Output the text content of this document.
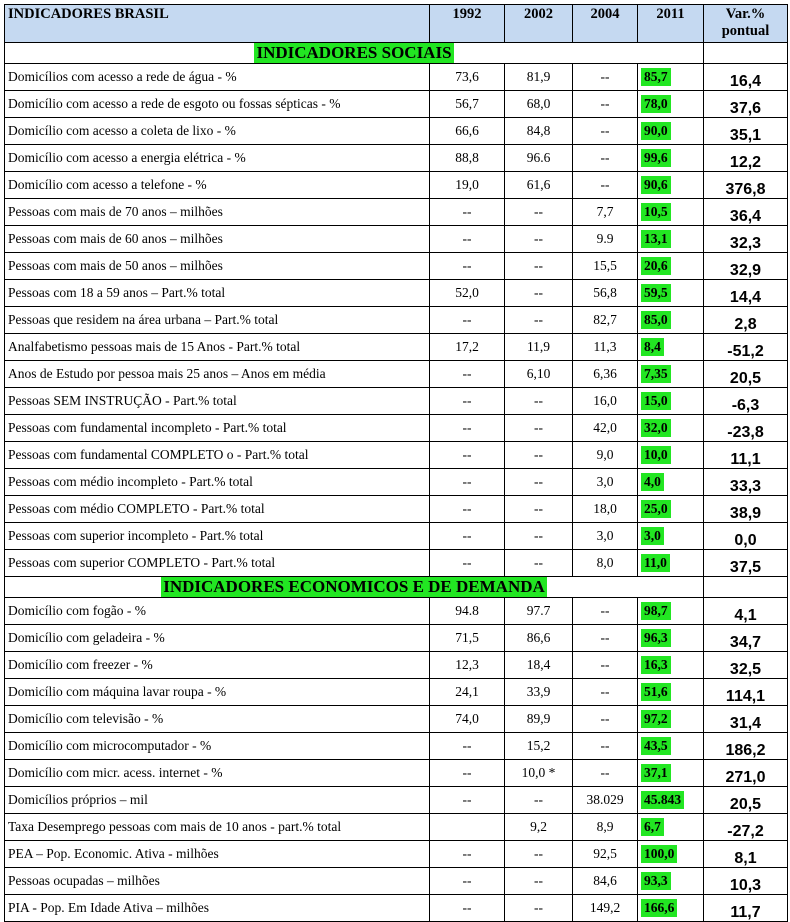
INDICADORES BRASIL	1992	2002	2004	2011	Var.%
pontual
INDICADORES SOCIAIS					
Domicílios com acesso a rede de água - %	73,6	81,9	--	85,7	16,4
Domicílio com acesso a rede de esgoto ou fossas sépticas - %	56,7	68,0	--	78,0	37,6
Domicílio com acesso a coleta de lixo - %	66,6	84,8	--	90,0	35,1
Domicílio com acesso a energia elétrica - %	88,8	96.6	--	99,6	12,2
Domicílio com acesso a telefone - %	19,0	61,6	--	90,6	376,8
Pessoas com mais de 70 anos – milhões	--	--	7,7	10,5	36,4
Pessoas com mais de 60 anos – milhões	--	--	9.9	13,1	32,3
Pessoas com mais de 50 anos – milhões	--	--	15,5	20,6	32,9
Pessoas com 18 a 59 anos – Part.% total	52,0	--	56,8	59,5	14,4
Pessoas que residem na área urbana – Part.% total	--	--	82,7	85,0	2,8
Analfabetismo pessoas mais de 15 Anos - Part.% total	17,2	11,9	11,3	8,4	-51,2
Anos de Estudo por pessoa mais 25 anos – Anos em média	--	6,10	6,36	7,35	20,5
Pessoas SEM INSTRUÇÃO - Part.% total	--	--	16,0	15,0	-6,3
Pessoas com fundamental incompleto - Part.% total	--	--	42,0	32,0	-23,8
Pessoas com fundamental COMPLETO o - Part.% total	--	--	9,0	10,0	11,1
Pessoas com médio incompleto - Part.% total	--	--	3,0	4,0	33,3
Pessoas com médio COMPLETO - Part.% total	--	--	18,0	25,0	38,9
Pessoas com superior incompleto - Part.% total	--	--	3,0	3,0	0,0
Pessoas com superior COMPLETO - Part.% total	--	--	8,0	11,0	37,5
INDICADORES ECONOMICOS E DE DEMANDA					
Domicílio com fogão - %	94.8	97.7	--	98,7	4,1
Domicílio com geladeira - %	71,5	86,6	--	96,3	34,7
Domicílio com freezer - %	12,3	18,4	--	16,3	32,5
Domicílio com máquina lavar roupa - %	24,1	33,9	--	51,6	114,1
Domicílio com televisão - %	74,0	89,9	--	97,2	31,4
Domicílio com microcomputador - %	--	15,2	--	43,5	186,2
Domicílio com micr. acess. internet - %	--	10,0 *	--	37,1	271,0
Domicílios próprios – mil	--	--	38.029	45.843	20,5
Taxa Desemprego pessoas com mais de 10 anos - part.% total		9,2	8,9	6,7	-27,2
PEA – Pop. Economic. Ativa - milhões	--	--	92,5	100,0	8,1
Pessoas ocupadas – milhões	--	--	84,6	93,3	10,3
PIA - Pop. Em Idade Ativa – milhões	--	--	149,2	166,6	11,7
